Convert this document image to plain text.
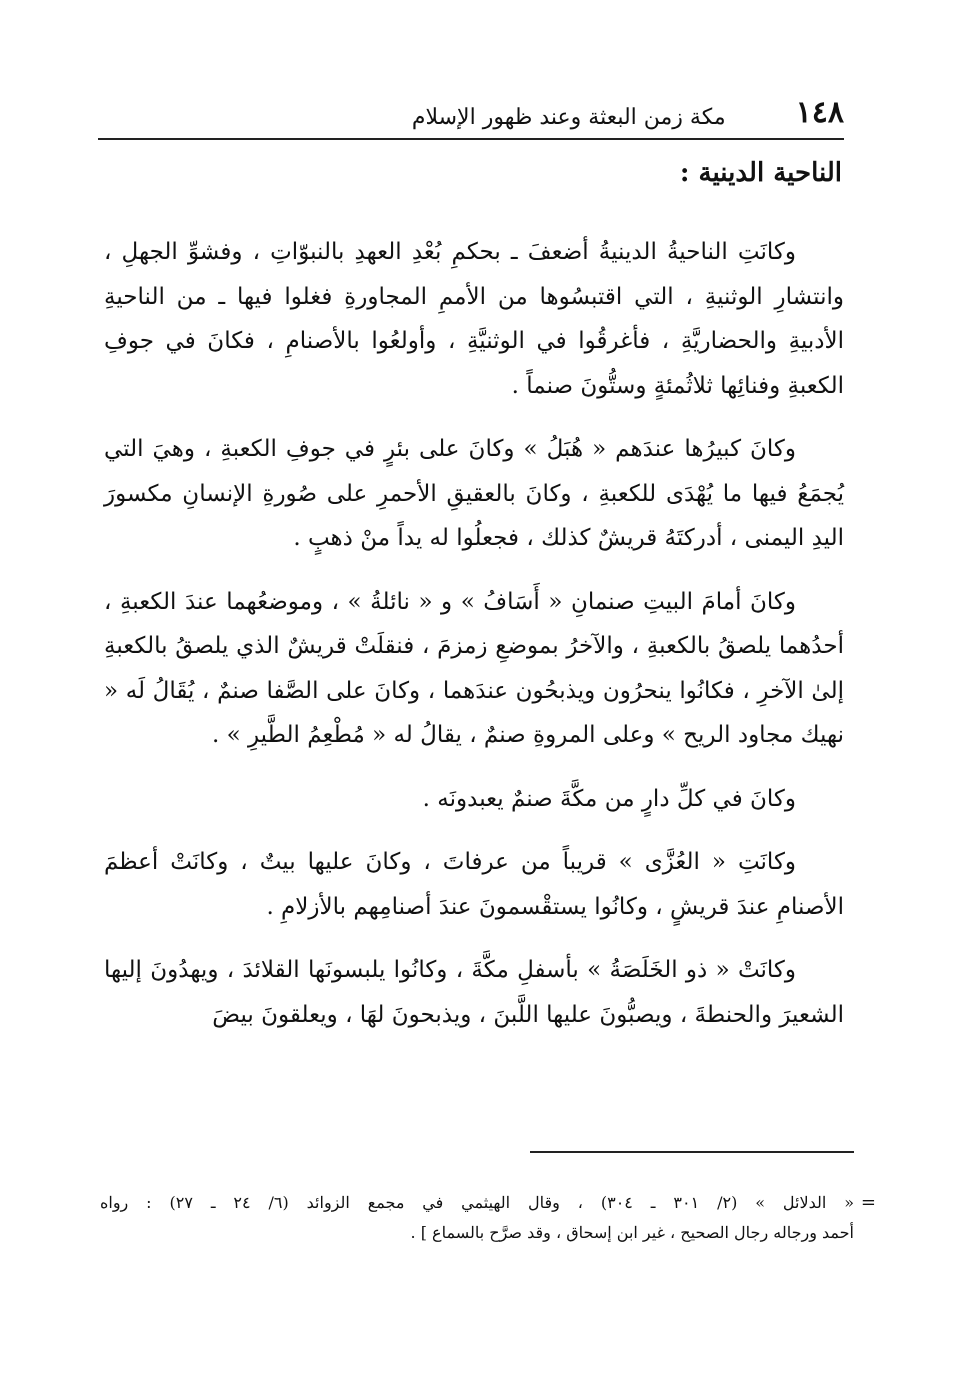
١٤٨
مكة زمن البعثة وعند ظهور الإسلام
الناحية الدينية :

وكانَتِ الناحيةُ الدينيةُ أضعفَ ـ بحكمِ بُعْدِ العهدِ بالنبوّاتِ ، وفشوِّ الجهلِ ، وانتشارِ الوثنيةِ ، التي اقتبسُوها من الأممِ المجاورةِ فغلوا فيها ـ من الناحيةِ الأدبيةِ والحضاريَّةِ ، فأغرقُوا في الوثنيَّةِ ، وأولعُوا بالأصنامِ ، فكانَ في جوفِ الكعبةِ وفنائِها ثلاثُمئةٍ وستُّونَ صنماً .

وكانَ كبيرُها عندَهم « هُبَلُ » وكانَ على بئرٍ في جوفِ الكعبةِ ، وهيَ التي يُجمَعُ فيها ما يُهْدَى للكعبةِ ، وكانَ بالعقيقِ الأحمرِ على صُورةِ الإنسانِ مكسورَ اليدِ اليمنى ، أدركتَهُ قريشٌ كذلك ، فجعلُوا له يداً منْ ذهبٍ .

وكانَ أمامَ البيتِ صنمانِ « أَسَافُ » و « نائلةُ » ، وموضعُهما عندَ الكعبةِ ، أحدُهما يلصقُ بالكعبةِ ، والآخرُ بموضعِ زمزمَ ، فنقلَتْ قريشٌ الذي يلصقُ بالكعبةِ إلىٰ الآخرِ ، فكانُوا ينحرُون ويذبحُون عندَهما ، وكانَ على الصَّفا صنمٌ ، يُقَالُ لَه « نهيك مجاود الريح » وعلى المروةِ صنمٌ ، يقالُ له « مُطْعِمُ الطَّيرِ » .

وكانَ في كلِّ دارٍ من مكَّةَ صنمٌ يعبدونَه .

وكانَتِ « العُزَّى » قريباً من عرفاتَ ، وكانَ عليها بيتٌ ، وكانَتْ أعظمَ الأصنامِ عندَ قريشٍ ، وكانُوا يستقْسمونَ عندَ أصنامِهم بالأزلامِ .

وكانَتْ « ذو الخَلَصَةُ » بأسفلِ مكَّةَ ، وكانُوا يلبسونَها القلائدَ ، ويهدُونَ إليها الشعيرَ والحنطةَ ، ويصبُّونَ عليها اللَّبنَ ، ويذبحونَ لهَا ، ويعلقونَ بيضَ

=
« الدلائل » (٢/ ٣٠١ ـ ٣٠٤) ، وقال الهيثمي في مجمع الزوائد (٦/ ٢٤ ـ ٢٧) : رواه
أحمد ورجاله رجال الصحيح ، غير ابن إسحاق ، وقد صرَّح بالسماع ] .
